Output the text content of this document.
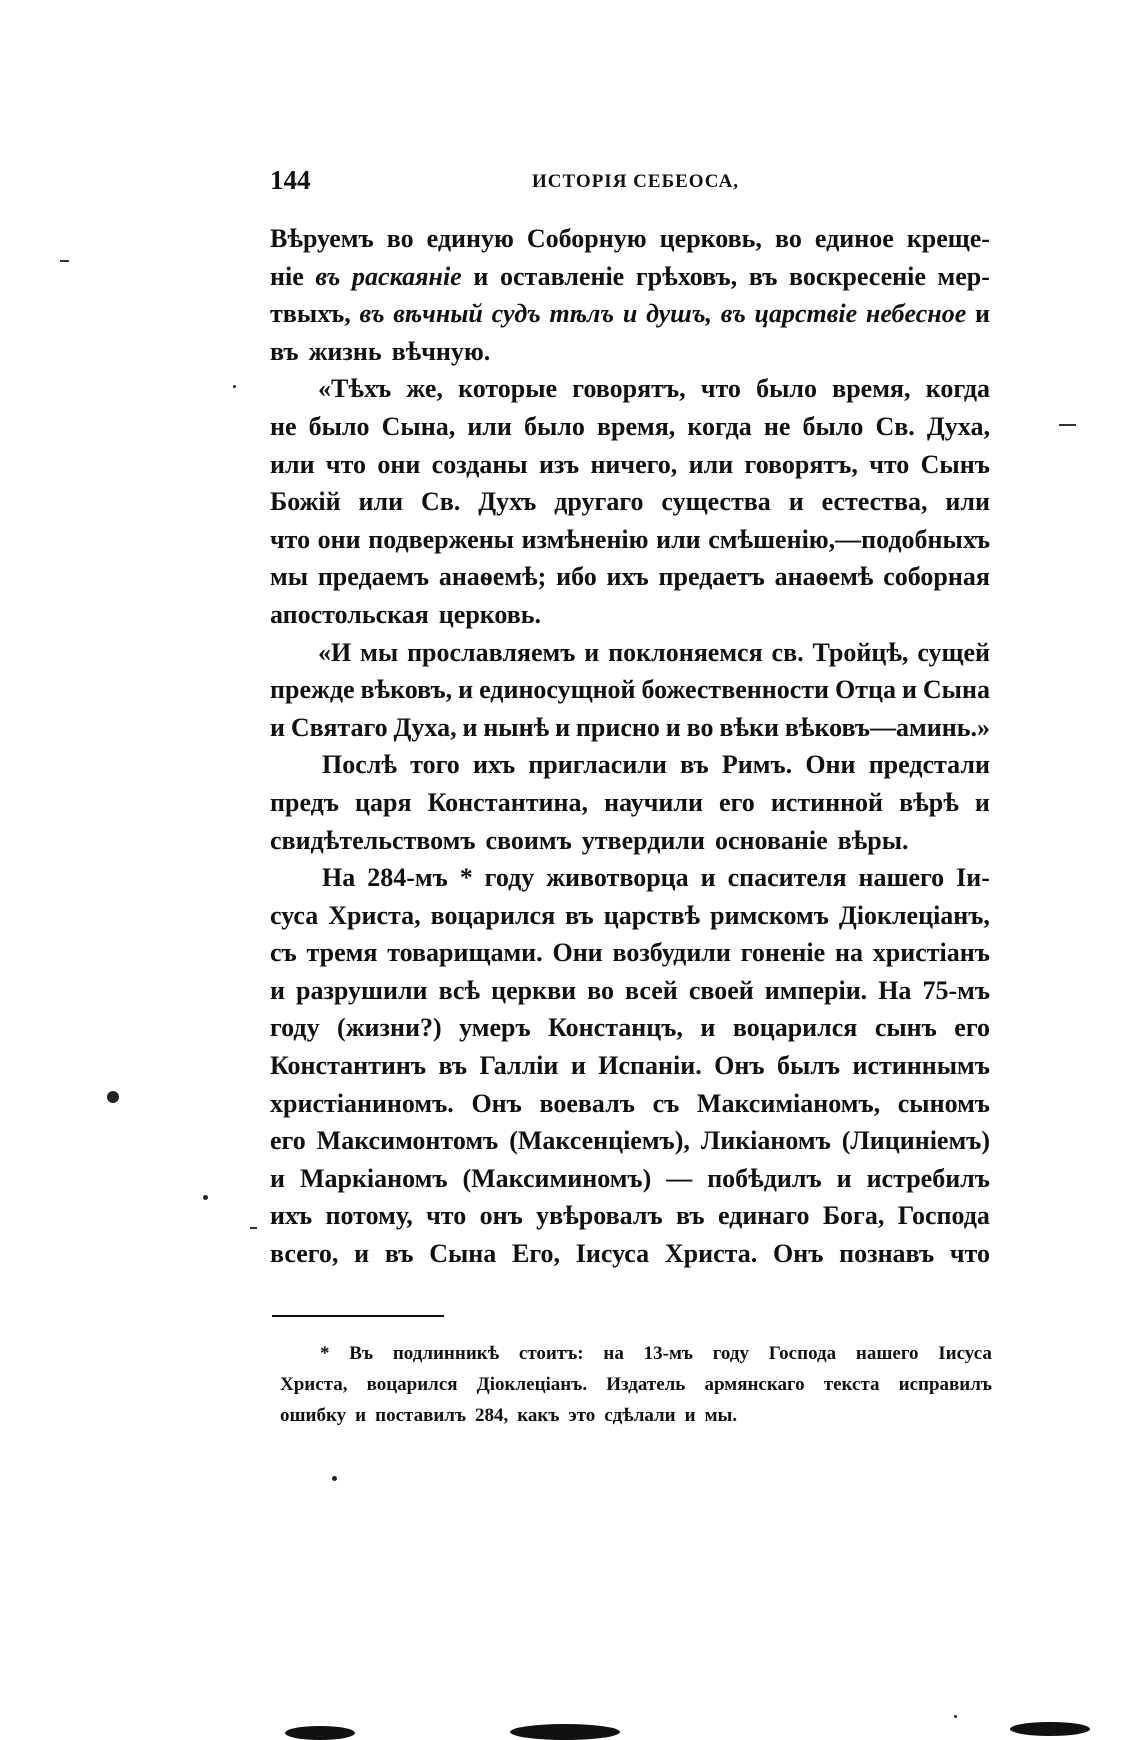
144	ИСТОРІЯ СЕБЕОСА,
Вѣруемъ во единую Соборную церковь, во единое креще-
ніе въ раскаяніе и оставленіе грѣховъ, въ воскресеніе мер-
твыхъ, въ вѣчный судъ тѣлъ и душъ, въ царствіе небесное и
въ жизнь вѣчную.
«Тѣхъ же, которые говорятъ, что было время, когда
не было Сына, или было время, когда не было Св. Духа,
или что они созданы изъ ничего, или говорятъ, что Сынъ
Божій или Св. Духъ другаго существа и естества, или
что они подвержены измѣненію или смѣшенію,—подобныхъ
мы предаемъ анаѳемѣ; ибо ихъ предаетъ анаѳемѣ соборная
апостольская церковь.
«И мы прославляемъ и поклоняемся св. Тройцѣ, сущей
прежде вѣковъ, и единосущной божественности Отца и Сына
и Святаго Духа, и нынѣ и присно и во вѣки вѣковъ—аминь.»
Послѣ того ихъ пригласили въ Римъ. Они предстали
предъ царя Константина, научили его истинной вѣрѣ и
свидѣтельствомъ своимъ утвердили основаніе вѣры.
На 284-мъ * году животворца и спасителя нашего Іи-
суса Христа, воцарился въ царствѣ римскомъ Діоклеціанъ,
съ тремя товарищами. Они возбудили гоненіе на христіанъ
и разрушили всѣ церкви во всей своей имперіи. На 75-мъ
году (жизни?) умеръ Констанцъ, и воцарился сынъ его
Константинъ въ Галліи и Испаніи. Онъ былъ истиннымъ
христіаниномъ. Онъ воевалъ съ Максиміаномъ, сыномъ
его Максимонтомъ (Максенціемъ), Ликіаномъ (Лициніемъ)
и Маркіаномъ (Максиминомъ) — побѣдилъ и истребилъ
ихъ потому, что онъ увѣровалъ въ единаго Бога, Господа
всего, и въ Сына Его, Іисуса Христа. Онъ познавъ что
* Въ подлинникѣ стоитъ: на 13-мъ году Господа нашего Іисуса
Христа, воцарился Діоклеціанъ. Издатель армянскаго текста исправилъ
ошибку и поставилъ 284, какъ это сдѣлали и мы.
